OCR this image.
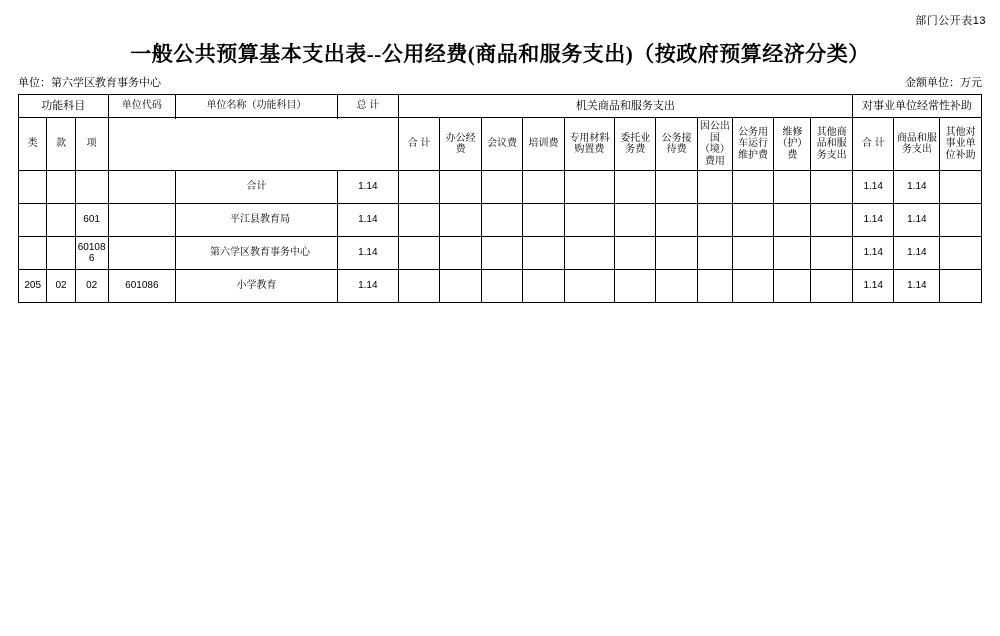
部门公开表13
一般公共预算基本支出表--公用经费(商品和服务支出)（按政府预算经济分类）
单位：第六学区教育事务中心	金额单位：万元
功能科目			单位代码	单位名称（功能科目）	总 计	机关商品和服务支出											对事业单位经常性补助		
类	款	项				合 计	办公经费	会议费	培训费	专用材料购置费	委托业务费	公务接待费	因公出国（境）费用	公务用车运行维护费	维修（护）费	其他商品和服务支出	合 计	商品和服务支出	其他对事业单位补助

				合计	1.14												1.14	1.14	
		601		平江县教育局	1.14												1.14	1.14	
		601086		第六学区教育事务中心	1.14												1.14	1.14	
205	02	02	601086	小学教育	1.14												1.14	1.14	
